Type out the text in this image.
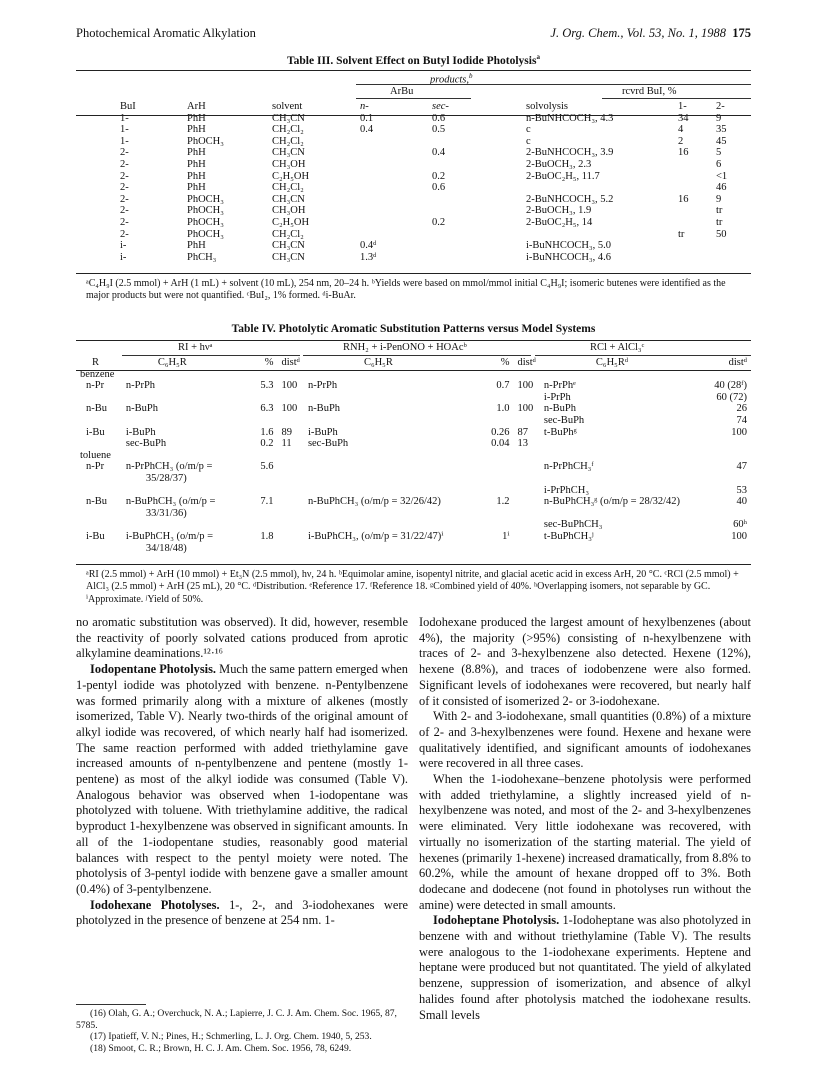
Photochemical Aromatic Alkylation	J. Org. Chem., Vol. 53, No. 1, 1988 175
Table III. Solvent Effect on Butyl Iodide Photolysis$^a$
products,$^b$
ArBu	rcvrd BuI, %
BuI	ArH	solvent	n-	sec-	solvolysis	1-	2-
1-	PhH	CH₃CN	0.1	0.6	n-BuNHCOCH₃, 4.3	34	9
1-	PhH	CH₂Cl₂	0.4	0.5	c	4	35
1-	PhOCH₃	CH₂Cl₂			c	2	45
2-	PhH	CH₃CN		0.4	2-BuNHCOCH₃, 3.9	16	5
2-	PhH	CH₃OH			2-BuOCH₃, 2.3		6
2-	PhH	C₂H₅OH		0.2	2-BuOC₂H₅, 11.7		<1
2-	PhH	CH₂Cl₂		0.6			46
2-	PhOCH₃	CH₃CN			2-BuNHCOCH₃, 5.2	16	9
2-	PhOCH₃	CH₃OH			2-BuOCH₃, 1.9		tr
2-	PhOCH₃	C₂H₅OH		0.2	2-BuOC₂H₅, 14		tr
2-	PhOCH₃	CH₂Cl₂				tr	50
i-	PhH	CH₃CN	0.4ᵈ		i-BuNHCOCH₃, 5.0		
i-	PhCH₃	CH₃CN	1.3ᵈ		i-BuNHCOCH₃, 4.6		
ᵃC₄H₉I (2.5 mmol) + ArH (1 mL) + solvent (10 mL), 254 nm, 20–24 h. ᵇYields were based on mmol/mmol initial C₄H₉I; isomeric butenes were identified as the major products but were not quantified. ᶜBuI₂, 1% formed. ᵈi-BuAr.
Table IV. Photolytic Aromatic Substitution Patterns versus Model Systems
RI + hνᵃ	RNH₂ + i-PenONO + HOAcᵇ	RCl + AlCl₃ᶜ
R	C₆H₅R	%	distᵈ	C₆H₅R	%	distᵈ	C₆H₅Rᵈ	distᵈ
benzene								
n-Pr	n-PrPh	5.3	100	n-PrPh	0.7	100	n-PrPhᵉ	40 (28ᶠ)
							i-PrPh	60 (72)
n-Bu	n-BuPh	6.3	100	n-BuPh	1.0	100	n-BuPh	26
							sec-BuPh	74
i-Bu	i-BuPh	1.6	89	i-BuPh	0.26	87	t-BuPhᵍ	100
	sec-BuPh	0.2	11	sec-BuPh	0.04	13		
toluene								
n-Pr	n-PrPhCH₃ (o/m/p =	5.6					n-PrPhCH₃ᶠ	47
	35/28/37)							
							i-PrPhCH₃	53
n-Bu	n-BuPhCH₃ (o/m/p =	7.1		n-BuPhCH₃ (o/m/p = 32/26/42)	1.2		n-BuPhCH₃ᵍ (o/m/p = 28/32/42)	40
	33/31/36)							
							sec-BuPhCH₃	60ʰ
i-Bu	i-BuPhCH₃ (o/m/p =	1.8		i-BuPhCH₃, (o/m/p = 31/22/47)ⁱ	1ⁱ		t-BuPhCH₃ʲ	100
	34/18/48)							
ᵃRI (2.5 mmol) + ArH (10 mmol) + Et₃N (2.5 mmol), hν, 24 h. ᵇEquimolar amine, isopentyl nitrite, and glacial acetic acid in excess ArH, 20 °C. ᶜRCl (2.5 mmol) + AlCl₃ (2.5 mmol) + ArH (25 mL), 20 °C. ᵈDistribution. ᵉReference 17. ᶠReference 18. ᵍCombined yield of 40%. ʰOverlapping isomers, not separable by GC. ⁱApproximate. ʲYield of 50%.

no aromatic substitution was observed). It did, however, resemble the reactivity of poorly solvated cations produced from aprotic alkylamine deaminations.¹²·¹⁶

Iodopentane Photolysis. Much the same pattern emerged when 1-pentyl iodide was photolyzed with benzene. n-Pentylbenzene was formed primarily along with a mixture of alkenes (mostly isomerized, Table V). Nearly two-thirds of the original amount of alkyl iodide was recovered, of which nearly half had isomerized. The same reaction performed with added triethylamine gave increased amounts of n-pentylbenzene and pentene (mostly 1-pentene) as most of the alkyl iodide was consumed (Table V). Analogous behavior was observed when 1-iodopentane was photolyzed with toluene. With triethylamine additive, the radical byproduct 1-hexylbenzene was observed in significant amounts. In all of the 1-iodopentane studies, reasonably good material balances with respect to the pentyl moiety were noted. The photolysis of 3-pentyl iodide with benzene gave a smaller amount (0.4%) of 3-pentylbenzene.

Iodohexane Photolyses. 1-, 2-, and 3-iodohexanes were photolyzed in the presence of benzene at 254 nm. 1-

(16) Olah, G. A.; Overchuck, N. A.; Lapierre, J. C. J. Am. Chem. Soc. 1965, 87, 5785.
(17) Ipatieff, V. N.; Pines, H.; Schmerling, L. J. Org. Chem. 1940, 5, 253.
(18) Smoot, C. R.; Brown, H. C. J. Am. Chem. Soc. 1956, 78, 6249.

Iodohexane produced the largest amount of hexylbenzenes (about 4%), the majority (>95%) consisting of n-hexylbenzene with traces of 2- and 3-hexylbenzene also detected. Hexene (12%), hexene (8.8%), and traces of iodobenzene were also formed. Significant levels of iodohexanes were recovered, but nearly half of it consisted of isomerized 2- or 3-iodohexane.

With 2- and 3-iodohexane, small quantities (0.8%) of a mixture of 2- and 3-hexylbenzenes were found. Hexene and hexane were qualitatively identified, and significant amounts of iodohexanes were recovered in all three cases.

When the 1-iodohexane–benzene photolysis were performed with added triethylamine, a slightly increased yield of n-hexylbenzene was noted, and most of the 2- and 3-hexylbenzenes were eliminated. Very little iodohexane was recovered, with virtually no isomerization of the starting material. The yield of hexenes (primarily 1-hexene) increased dramatically, from 8.8% to 60.2%, while the amount of hexane dropped off to 3%. Both dodecane and dodecene (not found in photolyses run without the amine) were detected in small amounts.

Iodoheptane Photolysis. 1-Iodoheptane was also photolyzed in benzene with and without triethylamine (Table V). The results were analogous to the 1-iodohexane experiments. Heptene and heptane were produced but not quantitated. The yield of alkylated benzene, suppression of isomerization, and absence of alkyl halides found after photolysis matched the iodohexane results. Small levels
